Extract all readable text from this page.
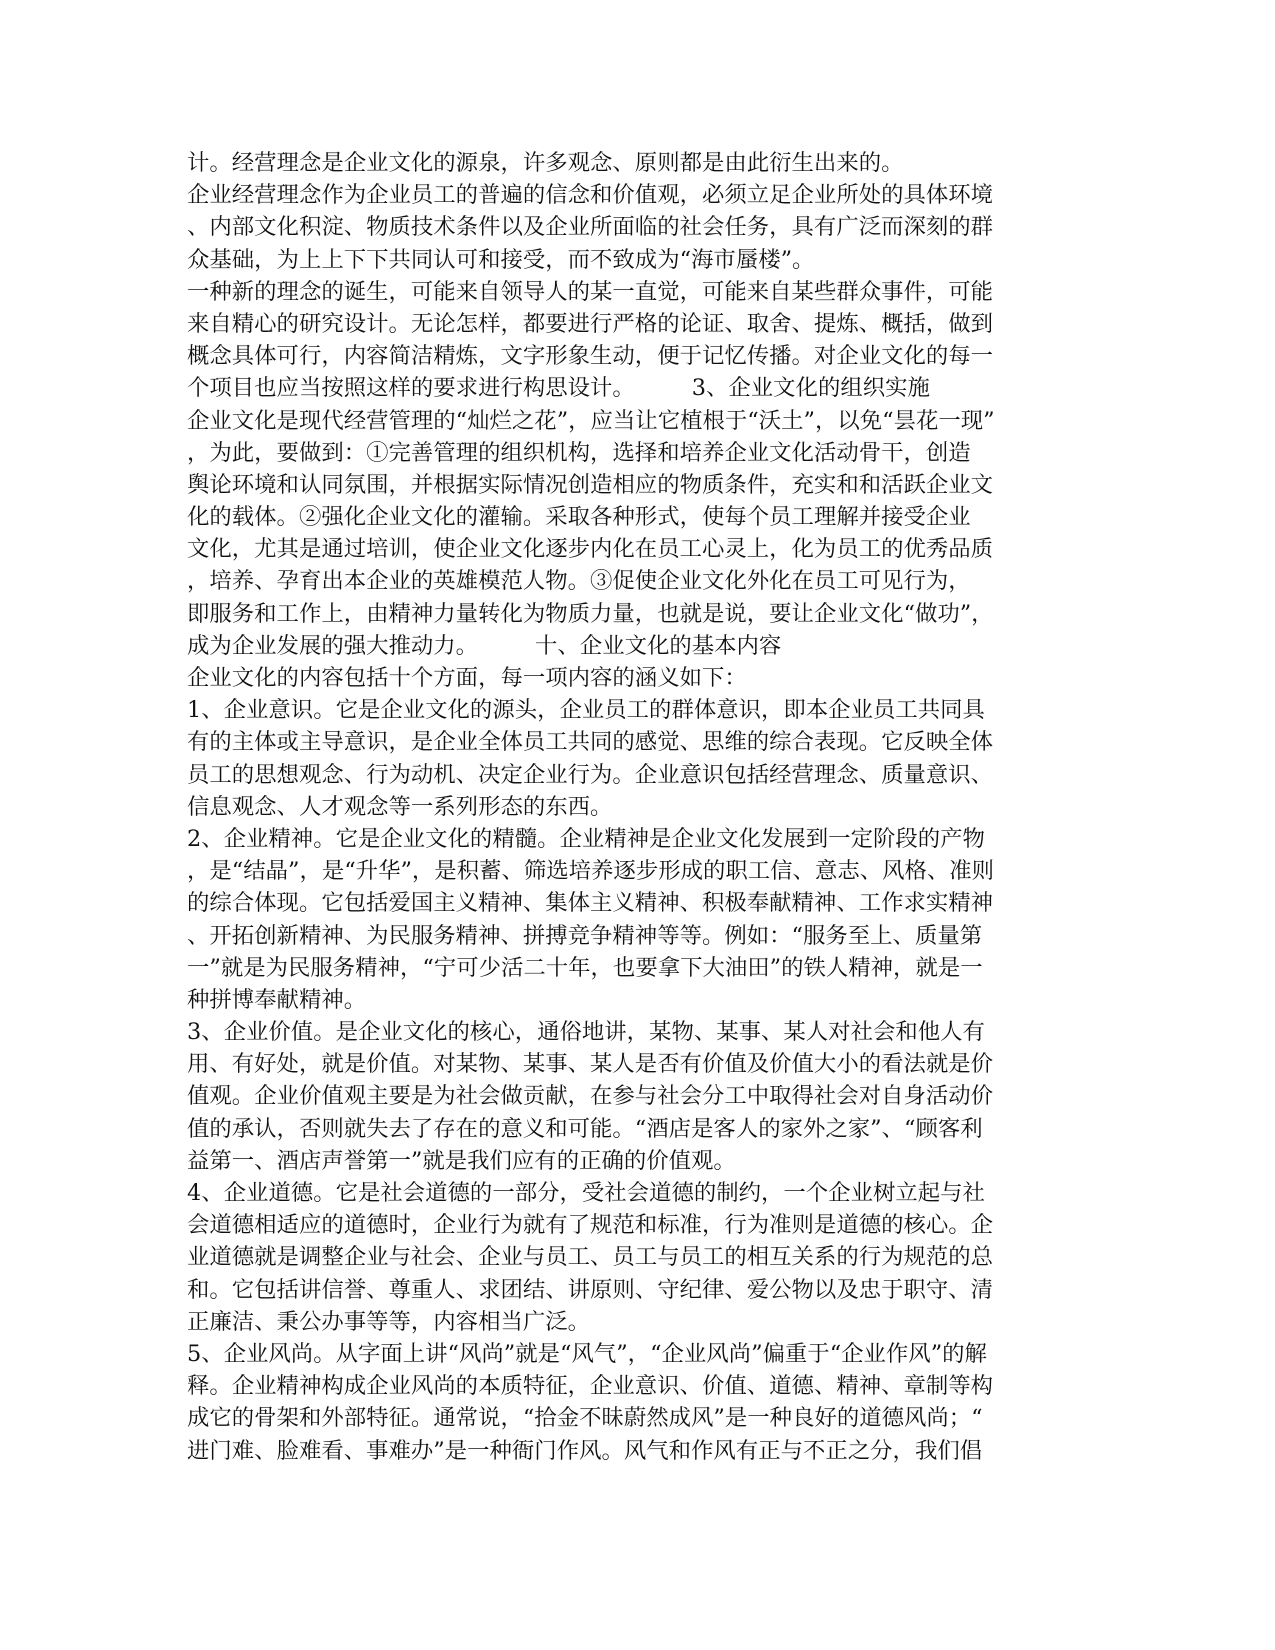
计。经营理念是企业文化的源泉，许多观念、原则都是由此衍生出来的。
企业经营理念作为企业员工的普遍的信念和价值观，必须立足企业所处的具体环境
、内部文化积淀、物质技术条件以及企业所面临的社会任务，具有广泛而深刻的群
众基础，为上上下下共同认可和接受，而不致成为“海市蜃楼”。
一种新的理念的诞生，可能来自领导人的某一直觉，可能来自某些群众事件，可能
来自精心的研究设计。无论怎样，都要进行严格的论证、取舍、提炼、概括，做到
概念具体可行，内容简洁精炼，文字形象生动，便于记忆传播。对企业文化的每一
个项目也应当按照这样的要求进行构思设计。        3、企业文化的组织实施
企业文化是现代经营管理的“灿烂之花”，应当让它植根于“沃土”，以免“昙花一现”
，为此，要做到：①完善管理的组织机构，选择和培养企业文化活动骨干，创造
舆论环境和认同氛围，并根据实际情况创造相应的物质条件，充实和和活跃企业文
化的载体。②强化企业文化的灌输。采取各种形式，使每个员工理解并接受企业
文化，尤其是通过培训，使企业文化逐步内化在员工心灵上，化为员工的优秀品质
，培养、孕育出本企业的英雄模范人物。③促使企业文化外化在员工可见行为，
即服务和工作上，由精神力量转化为物质力量，也就是说，要让企业文化“做功”，
成为企业发展的强大推动力。        十、企业文化的基本内容
企业文化的内容包括十个方面，每一项内容的涵义如下：
1、企业意识。它是企业文化的源头，企业员工的群体意识，即本企业员工共同具
有的主体或主导意识，是企业全体员工共同的感觉、思维的综合表现。它反映全体
员工的思想观念、行为动机、决定企业行为。企业意识包括经营理念、质量意识、
信息观念、人才观念等一系列形态的东西。
2、企业精神。它是企业文化的精髓。企业精神是企业文化发展到一定阶段的产物
，是“结晶”，是“升华”，是积蓄、筛选培养逐步形成的职工信、意志、风格、准则
的综合体现。它包括爱国主义精神、集体主义精神、积极奉献精神、工作求实精神
、开拓创新精神、为民服务精神、拼搏竞争精神等等。例如：“服务至上、质量第
一”就是为民服务精神，“宁可少活二十年，也要拿下大油田”的铁人精神，就是一
种拼博奉献精神。
3、企业价值。是企业文化的核心，通俗地讲，某物、某事、某人对社会和他人有
用、有好处，就是价值。对某物、某事、某人是否有价值及价值大小的看法就是价
值观。企业价值观主要是为社会做贡献，在参与社会分工中取得社会对自身活动价
值的承认，否则就失去了存在的意义和可能。“酒店是客人的家外之家”、“顾客利
益第一、酒店声誉第一”就是我们应有的正确的价值观。
4、企业道德。它是社会道德的一部分，受社会道德的制约，一个企业树立起与社
会道德相适应的道德时，企业行为就有了规范和标准，行为准则是道德的核心。企
业道德就是调整企业与社会、企业与员工、员工与员工的相互关系的行为规范的总
和。它包括讲信誉、尊重人、求团结、讲原则、守纪律、爱公物以及忠于职守、清
正廉洁、秉公办事等等，内容相当广泛。
5、企业风尚。从字面上讲“风尚”就是“风气”，“企业风尚”偏重于“企业作风”的解
释。企业精神构成企业风尚的本质特征，企业意识、价值、道德、精神、章制等构
成它的骨架和外部特征。通常说，“拾金不昧蔚然成风”是一种良好的道德风尚；“
进门难、脸难看、事难办”是一种衙门作风。风气和作风有正与不正之分，我们倡
